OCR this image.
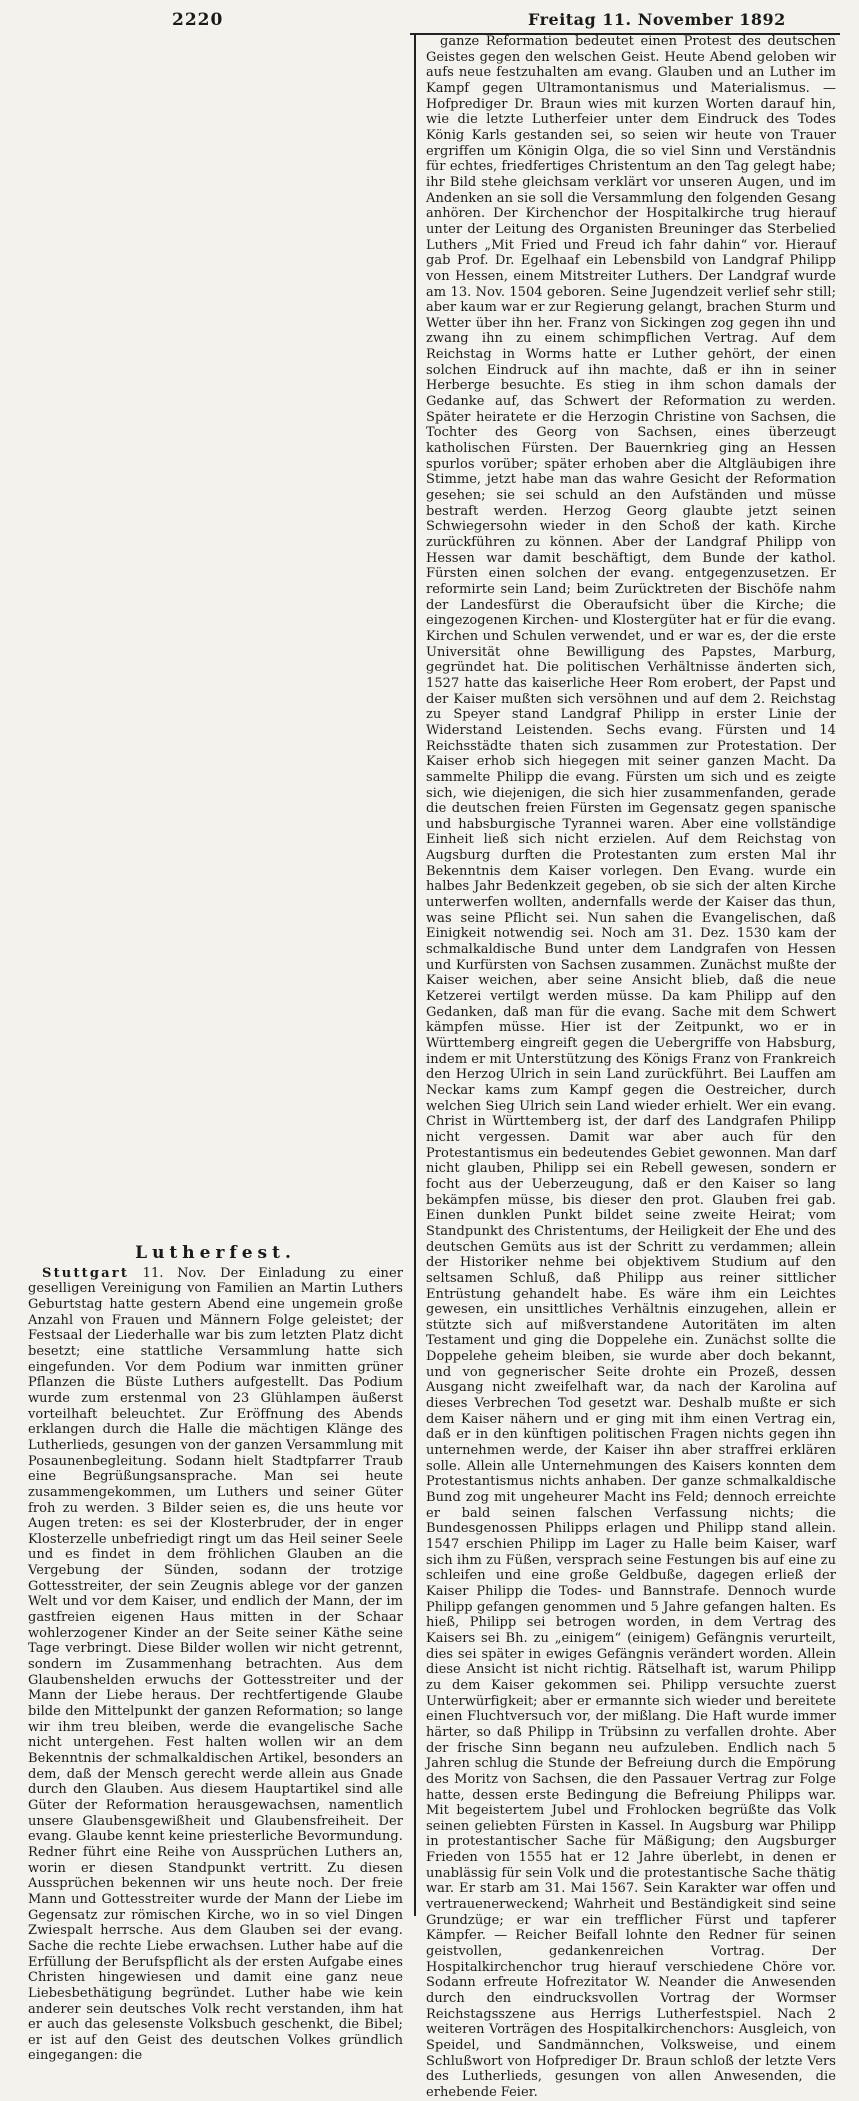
2220	Freitag 11. November 1892

ganze Reformation bedeutet einen Protest des deutschen Geistes gegen den welschen Geist. Heute Abend geloben wir aufs neue festzuhalten am evang. Glauben und an Luther im Kampf gegen Ultramontanismus und Materialismus. — Hofprediger Dr. Braun wies mit kurzen Worten darauf hin, wie die letzte Lutherfeier unter dem Eindruck des Todes König Karls gestanden sei, so seien wir heute von Trauer ergriffen um Königin Olga, die so viel Sinn und Verständnis für echtes, friedfertiges Christentum an den Tag gelegt habe; ihr Bild stehe gleichsam verklärt vor unseren Augen, und im Andenken an sie soll die Versammlung den folgenden Gesang anhören. Der Kirchenchor der Hospitalkirche trug hierauf unter der Leitung des Organisten Breuninger das Sterbelied Luthers „Mit Fried und Freud ich fahr dahin“ vor. Hierauf gab Prof. Dr. Egelhaaf ein Lebensbild von Landgraf Philipp von Hessen, einem Mitstreiter Luthers. Der Landgraf wurde am 13. Nov. 1504 geboren. Seine Jugendzeit verlief sehr still; aber kaum war er zur Regierung gelangt, brachen Sturm und Wetter über ihn her. Franz von Sickingen zog gegen ihn und zwang ihn zu einem schimpflichen Vertrag. Auf dem Reichstag in Worms hatte er Luther gehört, der einen solchen Eindruck auf ihn machte, daß er ihn in seiner Herberge besuchte. Es stieg in ihm schon damals der Gedanke auf, das Schwert der Reformation zu werden. Später heiratete er die Herzogin Christine von Sachsen, die Tochter des Georg von Sachsen, eines überzeugt katholischen Fürsten. Der Bauernkrieg ging an Hessen spurlos vorüber; später erhoben aber die Altgläubigen ihre Stimme, jetzt habe man das wahre Gesicht der Reformation gesehen; sie sei schuld an den Aufständen und müsse bestraft werden. Herzog Georg glaubte jetzt seinen Schwiegersohn wieder in den Schoß der kath. Kirche zurückführen zu können. Aber der Landgraf Philipp von Hessen war damit beschäftigt, dem Bunde der kathol. Fürsten einen solchen der evang. entgegenzusetzen. Er reformirte sein Land; beim Zurücktreten der Bischöfe nahm der Landesfürst die Oberaufsicht über die Kirche; die eingezogenen Kirchen- und Klostergüter hat er für die evang. Kirchen und Schulen verwendet, und er war es, der die erste Universität ohne Bewilligung des Papstes, Marburg, gegründet hat. Die politischen Verhältnisse änderten sich, 1527 hatte das kaiserliche Heer Rom erobert, der Papst und der Kaiser mußten sich versöhnen und auf dem 2. Reichstag zu Speyer stand Landgraf Philipp in erster Linie der Widerstand Leistenden. Sechs evang. Fürsten und 14 Reichsstädte thaten sich zusammen zur Protestation. Der Kaiser erhob sich hiegegen mit seiner ganzen Macht. Da sammelte Philipp die evang. Fürsten um sich und es zeigte sich, wie diejenigen, die sich hier zusammenfanden, gerade die deutschen freien Fürsten im Gegensatz gegen spanische und habsburgische Tyrannei waren. Aber eine vollständige Einheit ließ sich nicht erzielen. Auf dem Reichstag von Augsburg durften die Protestanten zum ersten Mal ihr Bekenntnis dem Kaiser vorlegen. Den Evang. wurde ein halbes Jahr Bedenkzeit gegeben, ob sie sich der alten Kirche unterwerfen wollten, andernfalls werde der Kaiser das thun, was seine Pflicht sei. Nun sahen die Evangelischen, daß Einigkeit notwendig sei. Noch am 31. Dez. 1530 kam der schmalkaldische Bund unter dem Landgrafen von Hessen und Kurfürsten von Sachsen zusammen. Zunächst mußte der Kaiser weichen, aber seine Ansicht blieb, daß die neue Ketzerei vertilgt werden müsse. Da kam Philipp auf den Gedanken, daß man für die evang. Sache mit dem Schwert kämpfen müsse. Hier ist der Zeitpunkt, wo er in Württemberg eingreift gegen die Uebergriffe von Habsburg, indem er mit Unterstützung des Königs Franz von Frankreich den Herzog Ulrich in sein Land zurückführt. Bei Lauffen am Neckar kams zum Kampf gegen die Oestreicher, durch welchen Sieg Ulrich sein Land wieder erhielt. Wer ein evang. Christ in Württemberg ist, der darf des Landgrafen Philipp nicht vergessen. Damit war aber auch für den Protestantismus ein bedeutendes Gebiet gewonnen. Man darf nicht glauben, Philipp sei ein Rebell gewesen, sondern er focht aus der Ueberzeugung, daß er den Kaiser so lang bekämpfen müsse, bis dieser den prot. Glauben frei gab. Einen dunklen Punkt bildet seine zweite Heirat; vom Standpunkt des Christentums, der Heiligkeit der Ehe und des deutschen Gemüts aus ist der Schritt zu verdammen; allein der Historiker nehme bei objektivem Studium auf den seltsamen Schluß, daß Philipp aus reiner sittlicher Entrüstung gehandelt habe. Es wäre ihm ein Leichtes gewesen, ein unsittliches Verhältnis einzugehen, allein er stützte sich auf mißverstandene Autoritäten im alten Testament und ging die Doppelehe ein. Zunächst sollte die Doppelehe geheim bleiben, sie wurde aber doch bekannt, und von gegnerischer Seite drohte ein Prozeß, dessen Ausgang nicht zweifelhaft war, da nach der Karolina auf dieses Verbrechen Tod gesetzt war. Deshalb mußte er sich dem Kaiser nähern und er ging mit ihm einen Vertrag ein, daß er in den künftigen politischen Fragen nichts gegen ihn unternehmen werde, der Kaiser ihn aber straffrei erklären solle. Allein alle Unternehmungen des Kaisers konnten dem Protestantismus nichts anhaben. Der ganze schmalkaldische Bund zog mit ungeheurer Macht ins Feld; dennoch erreichte er bald seinen falschen Verfassung nichts; die Bundesgenossen Philipps erlagen und Philipp stand allein. 1547 erschien Philipp im Lager zu Halle beim Kaiser, warf sich ihm zu Füßen, versprach seine Festungen bis auf eine zu schleifen und eine große Geldbuße, dagegen erließ der Kaiser Philipp die Todes- und Bannstrafe. Dennoch wurde Philipp gefangen genommen und 5 Jahre gefangen halten. Es hieß, Philipp sei betrogen worden, in dem Vertrag des Kaisers sei Bh. zu „einigem“ (einigem) Gefängnis verurteilt, dies sei später in ewiges Gefängnis verändert worden. Allein diese Ansicht ist nicht richtig. Rätselhaft ist, warum Philipp zu dem Kaiser gekommen sei. Philipp versuchte zuerst Unterwürfigkeit; aber er ermannte sich wieder und bereitete einen Fluchtversuch vor, der mißlang. Die Haft wurde immer härter, so daß Philipp in Trübsinn zu verfallen drohte. Aber der frische Sinn begann neu aufzuleben. Endlich nach 5 Jahren schlug die Stunde der Befreiung durch die Empörung des Moritz von Sachsen, die den Passauer Vertrag zur Folge hatte, dessen erste Bedingung die Befreiung Philipps war. Mit begeistertem Jubel und Frohlocken begrüßte das Volk seinen geliebten Fürsten in Kassel. In Augsburg war Philipp in protestantischer Sache für Mäßigung; den Augsburger Frieden von 1555 hat er 12 Jahre überlebt, in denen er unablässig für sein Volk und die protestantische Sache thätig war. Er starb am 31. Mai 1567. Sein Karakter war offen und vertrauenerweckend; Wahrheit und Beständigkeit sind seine Grundzüge; er war ein trefflicher Fürst und tapferer Kämpfer. — Reicher Beifall lohnte den Redner für seinen geistvollen, gedankenreichen Vortrag. Der Hospitalkirchenchor trug hierauf verschiedene Chöre vor. Sodann erfreute Hofrezitator W. Neander die Anwesenden durch den eindrucksvollen Vortrag der Wormser Reichstagsszene aus Herrigs Lutherfestspiel. Nach 2 weiteren Vorträgen des Hospitalkirchenchors: Ausgleich, von Speidel, und Sandmännchen, Volksweise, und einem Schlußwort von Hofprediger Dr. Braun schloß der letzte Vers des Lutherlieds, gesungen von allen Anwesenden, die erhebende Feier.

Lutherfest.

Stuttgart 11. Nov. Der Einladung zu einer geselligen Vereinigung von Familien an Martin Luthers Geburtstag hatte gestern Abend eine ungemein große Anzahl von Frauen und Männern Folge geleistet; der Festsaal der Liederhalle war bis zum letzten Platz dicht besetzt; eine stattliche Versammlung hatte sich eingefunden. Vor dem Podium war inmitten grüner Pflanzen die Büste Luthers aufgestellt. Das Podium wurde zum erstenmal von 23 Glühlampen äußerst vorteilhaft beleuchtet. Zur Eröffnung des Abends erklangen durch die Halle die mächtigen Klänge des Lutherlieds, gesungen von der ganzen Versammlung mit Posaunenbegleitung. Sodann hielt Stadtpfarrer Traub eine Begrüßungsansprache. Man sei heute zusammengekommen, um Luthers und seiner Güter froh zu werden. 3 Bilder seien es, die uns heute vor Augen treten: es sei der Klosterbruder, der in enger Klosterzelle unbefriedigt ringt um das Heil seiner Seele und es findet in dem fröhlichen Glauben an die Vergebung der Sünden, sodann der trotzige Gottesstreiter, der sein Zeugnis ablege vor der ganzen Welt und vor dem Kaiser, und endlich der Mann, der im gastfreien eigenen Haus mitten in der Schaar wohlerzogener Kinder an der Seite seiner Käthe seine Tage verbringt. Diese Bilder wollen wir nicht getrennt, sondern im Zusammenhang betrachten. Aus dem Glaubenshelden erwuchs der Gottesstreiter und der Mann der Liebe heraus. Der rechtfertigende Glaube bilde den Mittelpunkt der ganzen Reformation; so lange wir ihm treu bleiben, werde die evangelische Sache nicht untergehen. Fest halten wollen wir an dem Bekenntnis der schmalkaldischen Artikel, besonders an dem, daß der Mensch gerecht werde allein aus Gnade durch den Glauben. Aus diesem Hauptartikel sind alle Güter der Reformation herausgewachsen, namentlich unsere Glaubensgewißheit und Glaubensfreiheit. Der evang. Glaube kennt keine priesterliche Bevormundung. Redner führt eine Reihe von Aussprüchen Luthers an, worin er diesen Standpunkt vertritt. Zu diesen Aussprüchen bekennen wir uns heute noch. Der freie Mann und Gottesstreiter wurde der Mann der Liebe im Gegensatz zur römischen Kirche, wo in so viel Dingen Zwiespalt herrsche. Aus dem Glauben sei der evang. Sache die rechte Liebe erwachsen. Luther habe auf die Erfüllung der Berufspflicht als der ersten Aufgabe eines Christen hingewiesen und damit eine ganz neue Liebesbethätigung begründet. Luther habe wie kein anderer sein deutsches Volk recht verstanden, ihm hat er auch das gelesenste Volksbuch geschenkt, die Bibel; er ist auf den Geist des deutschen Volkes gründlich eingegangen: die
